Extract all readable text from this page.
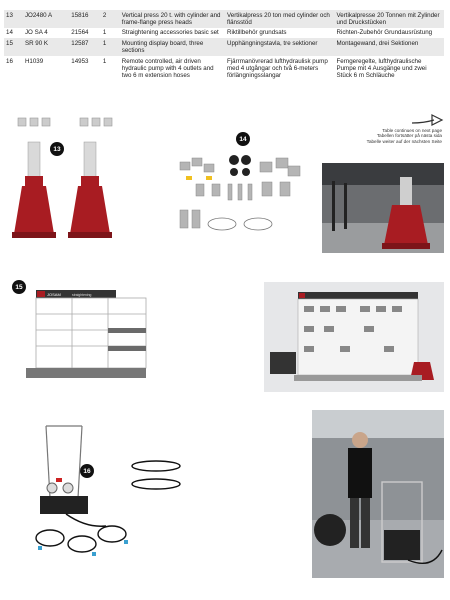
13	JO2480 A	15816	2	Vertical press 20 t. with cylinder and frame-flange press heads	Vertikalpress 20 ton med cylinder och flänsstöd	Vertikalpresse 20 Tonnen mit Zylinder und Druckstücken
14	JO SA 4	21564	1	Straightening accessories basic set	Riktillbehör grundsats	Richten-Zubehör Grundausrüstung
15	SR 90 K	12587	1	Mounting display board, three sections	Upphängningstavla, tre sektioner	Montagewand, drei Sektionen
16	H1039	14953	1	Remote controlled, air driven hydraulic pump with 4 outlets and two 6 m extension hoses	Fjärrmanövrerad lufthydraulisk pump med 4 utgångar och två 6-meters förlängningsslangar	Ferngeregelte, lufthydraulische Pumpe mit 4 Ausgänge und zwei Stück 6 m Schläuche
Table continues on next page
Tabellen fortsätter på nästa sida
Tabelle weiter auf der nächsten Seite
13
14
15
JOSAM	straightening
16
